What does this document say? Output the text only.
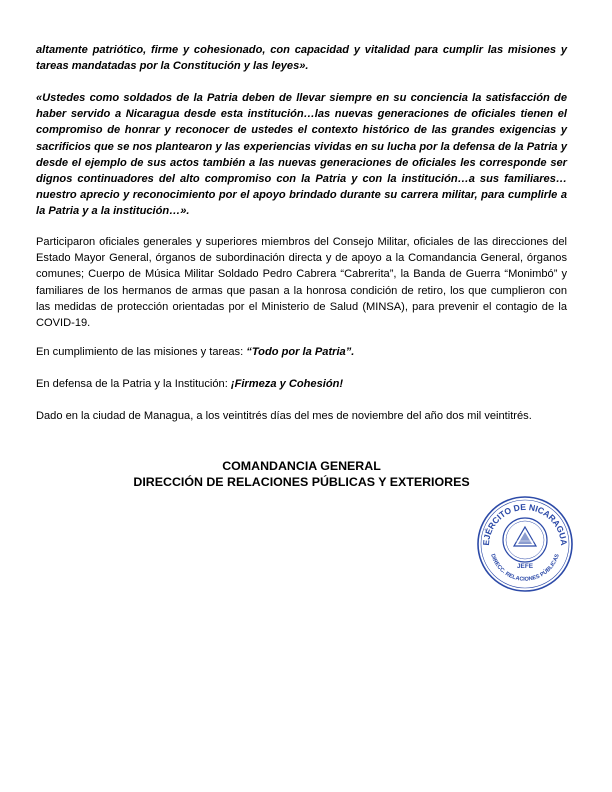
altamente patriótico, firme y cohesionado, con capacidad y vitalidad para cumplir las misiones y tareas mandatadas por la Constitución y las leyes».

«Ustedes como soldados de la Patria deben de llevar siempre en su conciencia la satisfacción de haber servido a Nicaragua desde esta institución…las nuevas generaciones de oficiales tienen el compromiso de honrar y reconocer de ustedes el contexto histórico de las grandes exigencias y sacrificios que se nos plantearon y las experiencias vividas en su lucha por la defensa de la Patria y desde el ejemplo de sus actos también a las nuevas generaciones de oficiales les corresponde ser dignos continuadores del alto compromiso con la Patria y con la institución…a sus familiares…nuestro aprecio y reconocimiento por el apoyo brindado durante su carrera militar, para cumplirle a la Patria y a la institución…».

Participaron oficiales generales y superiores miembros del Consejo Militar, oficiales de las direcciones del Estado Mayor General, órganos de subordinación directa y de apoyo a la Comandancia General, órganos comunes; Cuerpo de Música Militar Soldado Pedro Cabrera “Cabrerita”, la Banda de Guerra “Monimbó” y familiares de los hermanos de armas que pasan a la honrosa condición de retiro, los que cumplieron con las medidas de protección orientadas por el Ministerio de Salud (MINSA), para prevenir el contagio de la COVID-19.

En cumplimiento de las misiones y tareas: “Todo por la Patria”.

En defensa de la Patria y la Institución: ¡Firmeza y Cohesión!

Dado en la ciudad de Managua, a los veintitrés días del mes de noviembre del año dos mil veintitrés.

COMANDANCIA GENERAL

DIRECCIÓN DE RELACIONES PÚBLICAS Y EXTERIORES

EJÉRCITO DE NICARAGUA
DIRECC. RELACIONES PÚBLICAS
JEFE
